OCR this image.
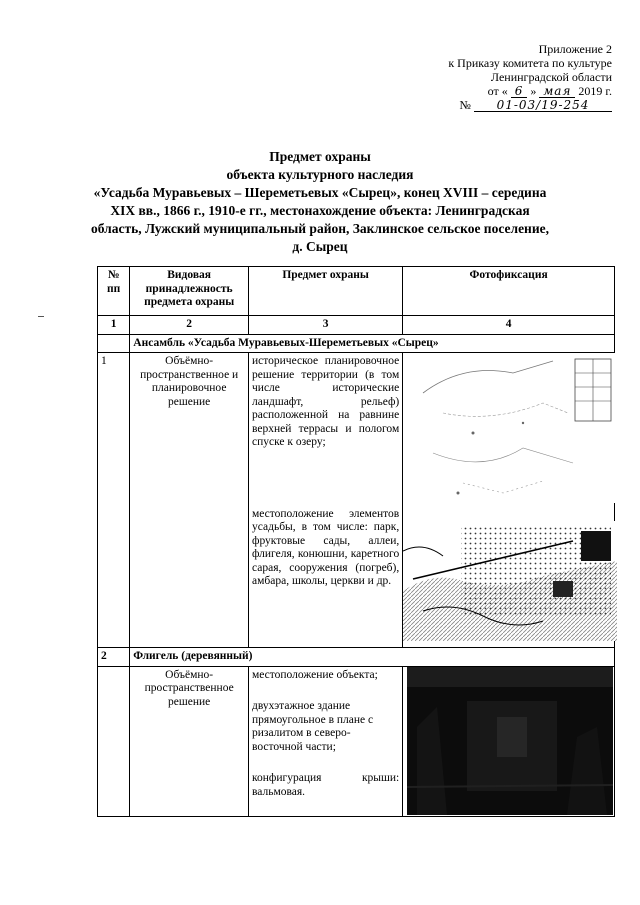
Приложение 2
к Приказу комитета по культуре
Ленинградской области
от « 6 » мая 2019 г.
№ 01-03/19-254
Предмет охраны
объекта культурного наследия
«Усадьба Муравьевых – Шереметьевых «Сырец», конец XVIII – середина XIX вв., 1866 г., 1910-е гг., местонахождение объекта: Ленинградская область, Лужский муниципальный район, Заклинское сельское поселение, д. Сырец
№ пп	Видовая принадлежность предмета охраны	Предмет охраны	Фотофиксация
1	2	3	4
	Ансамбль «Усадьба Муравьевых-Шереметьевых «Сырец»		
1	Объёмно-пространственное и планировочное решение	историческое планировочное решение территории (в том числе исторические ландшафт, рельеф) расположенной на равнине верхней террасы и пологом спуске к озеру;
местоположение элементов усадьбы, в том числе: парк, фруктовые сады, аллеи, флигеля, конюшни, каретного сарая, сооружения (погреб), амбара, школы, церкви и др.

2	Флигель (деревянный)		
	Объёмно-пространственное решение	местоположение объекта;
двухэтажное здание прямоугольное в плане с ризалитом в северо-восточной части;
конфигурация крыши: вальмовая.
